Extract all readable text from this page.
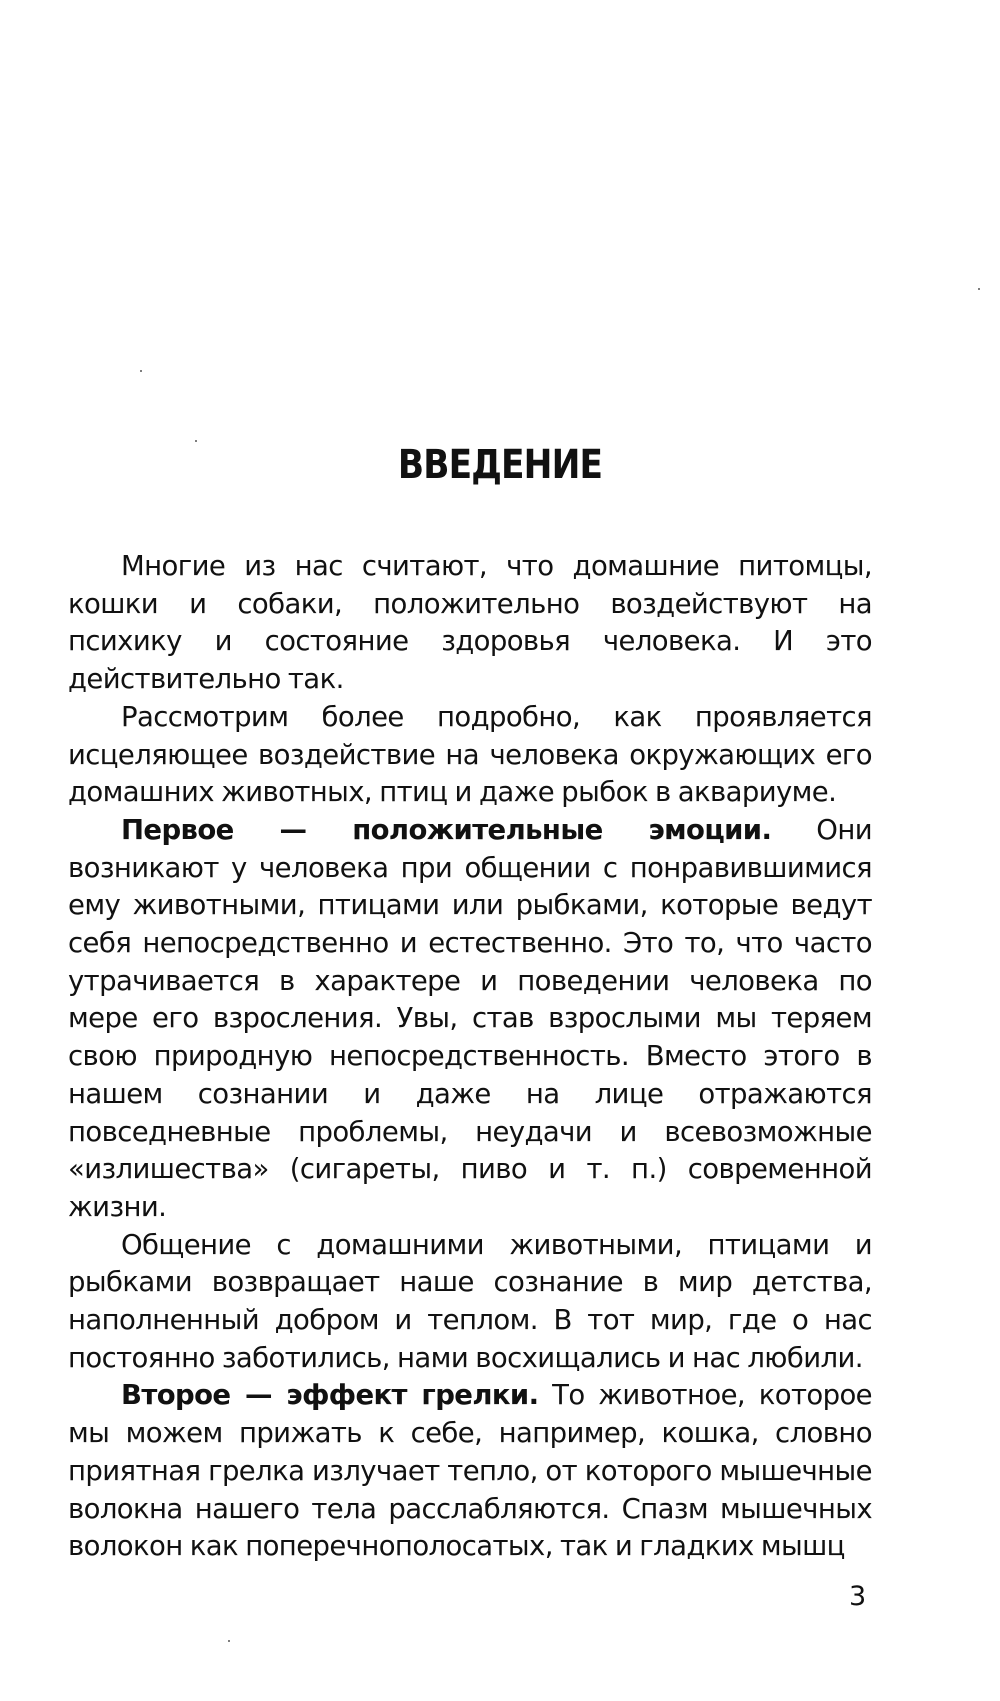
ВВЕДЕНИЕ

Многие из нас считают, что домашние питомцы, кошки и собаки, положительно воздействуют на психику и состояние здоровья человека. И это действительно так.

Рассмотрим более подробно, как проявляется исцеляющее воздействие на человека окружающих его домашних животных, птиц и даже рыбок в аквариуме.

Первое — положительные эмоции. Они возникают у человека при общении с понравившимися ему животными, птицами или рыбками, которые ведут себя непосредственно и естественно. Это то, что часто утрачивается в характере и поведении человека по мере его взросления. Увы, став взрослыми мы теряем свою природную непосредственность. Вместо этого в нашем сознании и даже на лице отражаются повседневные проблемы, неудачи и всевозможные «излишества» (сигареты, пиво и т. п.) современной жизни.

Общение с домашними животными, птицами и рыбками возвращает наше сознание в мир детства, наполненный добром и теплом. В тот мир, где о нас постоянно заботились, нами восхищались и нас любили.

Второе — эффект грелки. То животное, которое мы можем прижать к себе, например, кошка, словно приятная грелка излучает тепло, от которого мышечные волокна нашего тела расслабляются. Спазм мышечных волокон как поперечнополосатых, так и гладких мышц

3
